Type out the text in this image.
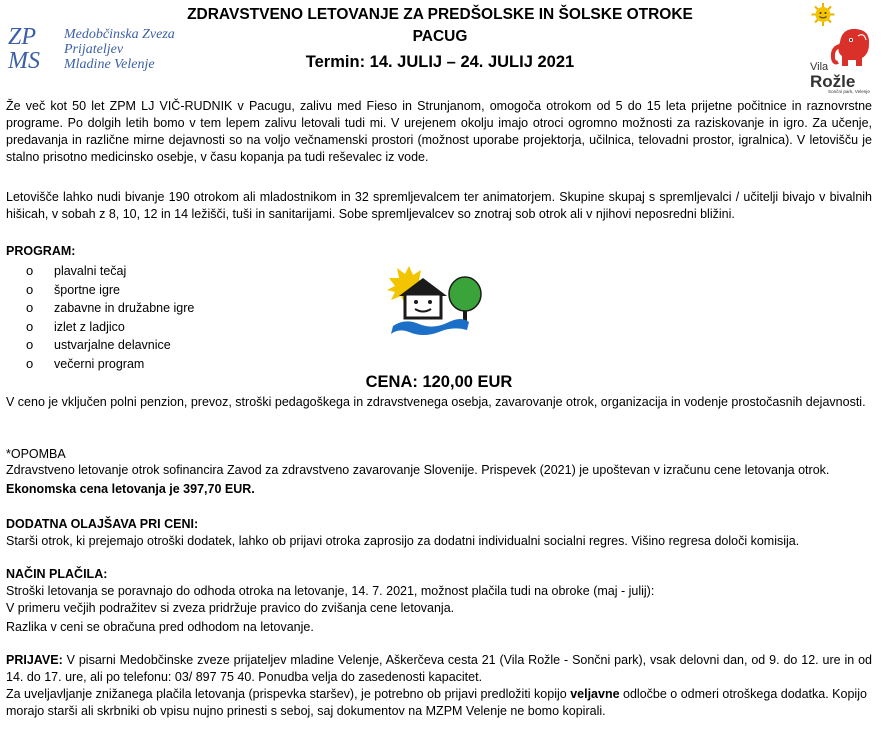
ZP
MS
Medobčinska Zveza
Prijateljev
Mladine Velenje
ZDRAVSTVENO LETOVANJE ZA PREDŠOLSKE IN ŠOLSKE OTROKE
PACUG
Termin: 14. JULIJ – 24. JULIJ 2021	Vila
Rožle
Sončni park, Velenje
Že več kot 50 let ZPM LJ VIČ-RUDNIK v Pacugu, zalivu med Fieso in Strunjanom, omogoča otrokom od 5 do 15 leta prijetne počitnice in raznovrstne programe. Po dolgih letih bomo v tem lepem zalivu letovali tudi mi. V urejenem okolju imajo otroci ogromno možnosti za raziskovanje in igro. Za učenje, predavanja in različne mirne dejavnosti so na voljo večnamenski prostori (možnost uporabe projektorja, učilnica, telovadni prostor, igralnica). V letovišču je stalno prisotno medicinsko osebje, v času kopanja pa tudi reševalec iz vode.
Letovišče lahko nudi bivanje 190 otrokom ali mladostnikom in 32 spremljevalcem ter animatorjem. Skupine skupaj s spremljevalci / učitelji bivajo v bivalnih hišicah, v sobah z 8, 10, 12 in 14 ležišči, tuši in sanitarijami. Sobe spremljevalcev so znotraj sob otrok ali v njihovi neposredni bližini.
PROGRAM:
o plavalni tečaj
o športne igre
o zabavne in družabne igre
o izlet z ladjico
o ustvarjalne delavnice
o večerni program
CENA: 120,00 EUR
V ceno je vključen polni penzion, prevoz, stroški pedagoškega in zdravstvenega osebja, zavarovanje otrok, organizacija in vodenje prostočasnih dejavnosti.
*OPOMBA
Zdravstveno letovanje otrok sofinancira Zavod za zdravstveno zavarovanje Slovenije. Prispevek (2021) je upoštevan v izračunu cene letovanja otrok.
Ekonomska cena letovanja je 397,70 EUR.
DODATNA OLAJŠAVA PRI CENI:
Starši otrok, ki prejemajo otroški dodatek, lahko ob prijavi otroka zaprosijo za dodatni individualni socialni regres. Višino regresa določi komisija.
NAČIN PLAČILA:
Stroški letovanja se poravnajo do odhoda otroka na letovanje, 14. 7. 2021, možnost plačila tudi na obroke (maj - julij):
V primeru večjih podražitev si zveza pridržuje pravico do zvišanja cene letovanja.
Razlika v ceni se obračuna pred odhodom na letovanje.
PRIJAVE: V pisarni Medobčinske zveze prijateljev mladine Velenje, Aškerčeva cesta 21 (Vila Rožle - Sončni park), vsak delovni dan, od 9. do 12. ure in od 14. do 17. ure, ali po telefonu: 03/ 897 75 40. Ponudba velja do zasedenosti kapacitet.
Za uveljavljanje znižanega plačila letovanja (prispevka staršev), je potrebno ob prijavi predložiti kopijo veljavne odločbe o odmeri otroškega dodatka. Kopijo morajo starši ali skrbniki ob vpisu nujno prinesti s seboj, saj dokumentov na MZPM Velenje ne bomo kopirali.
